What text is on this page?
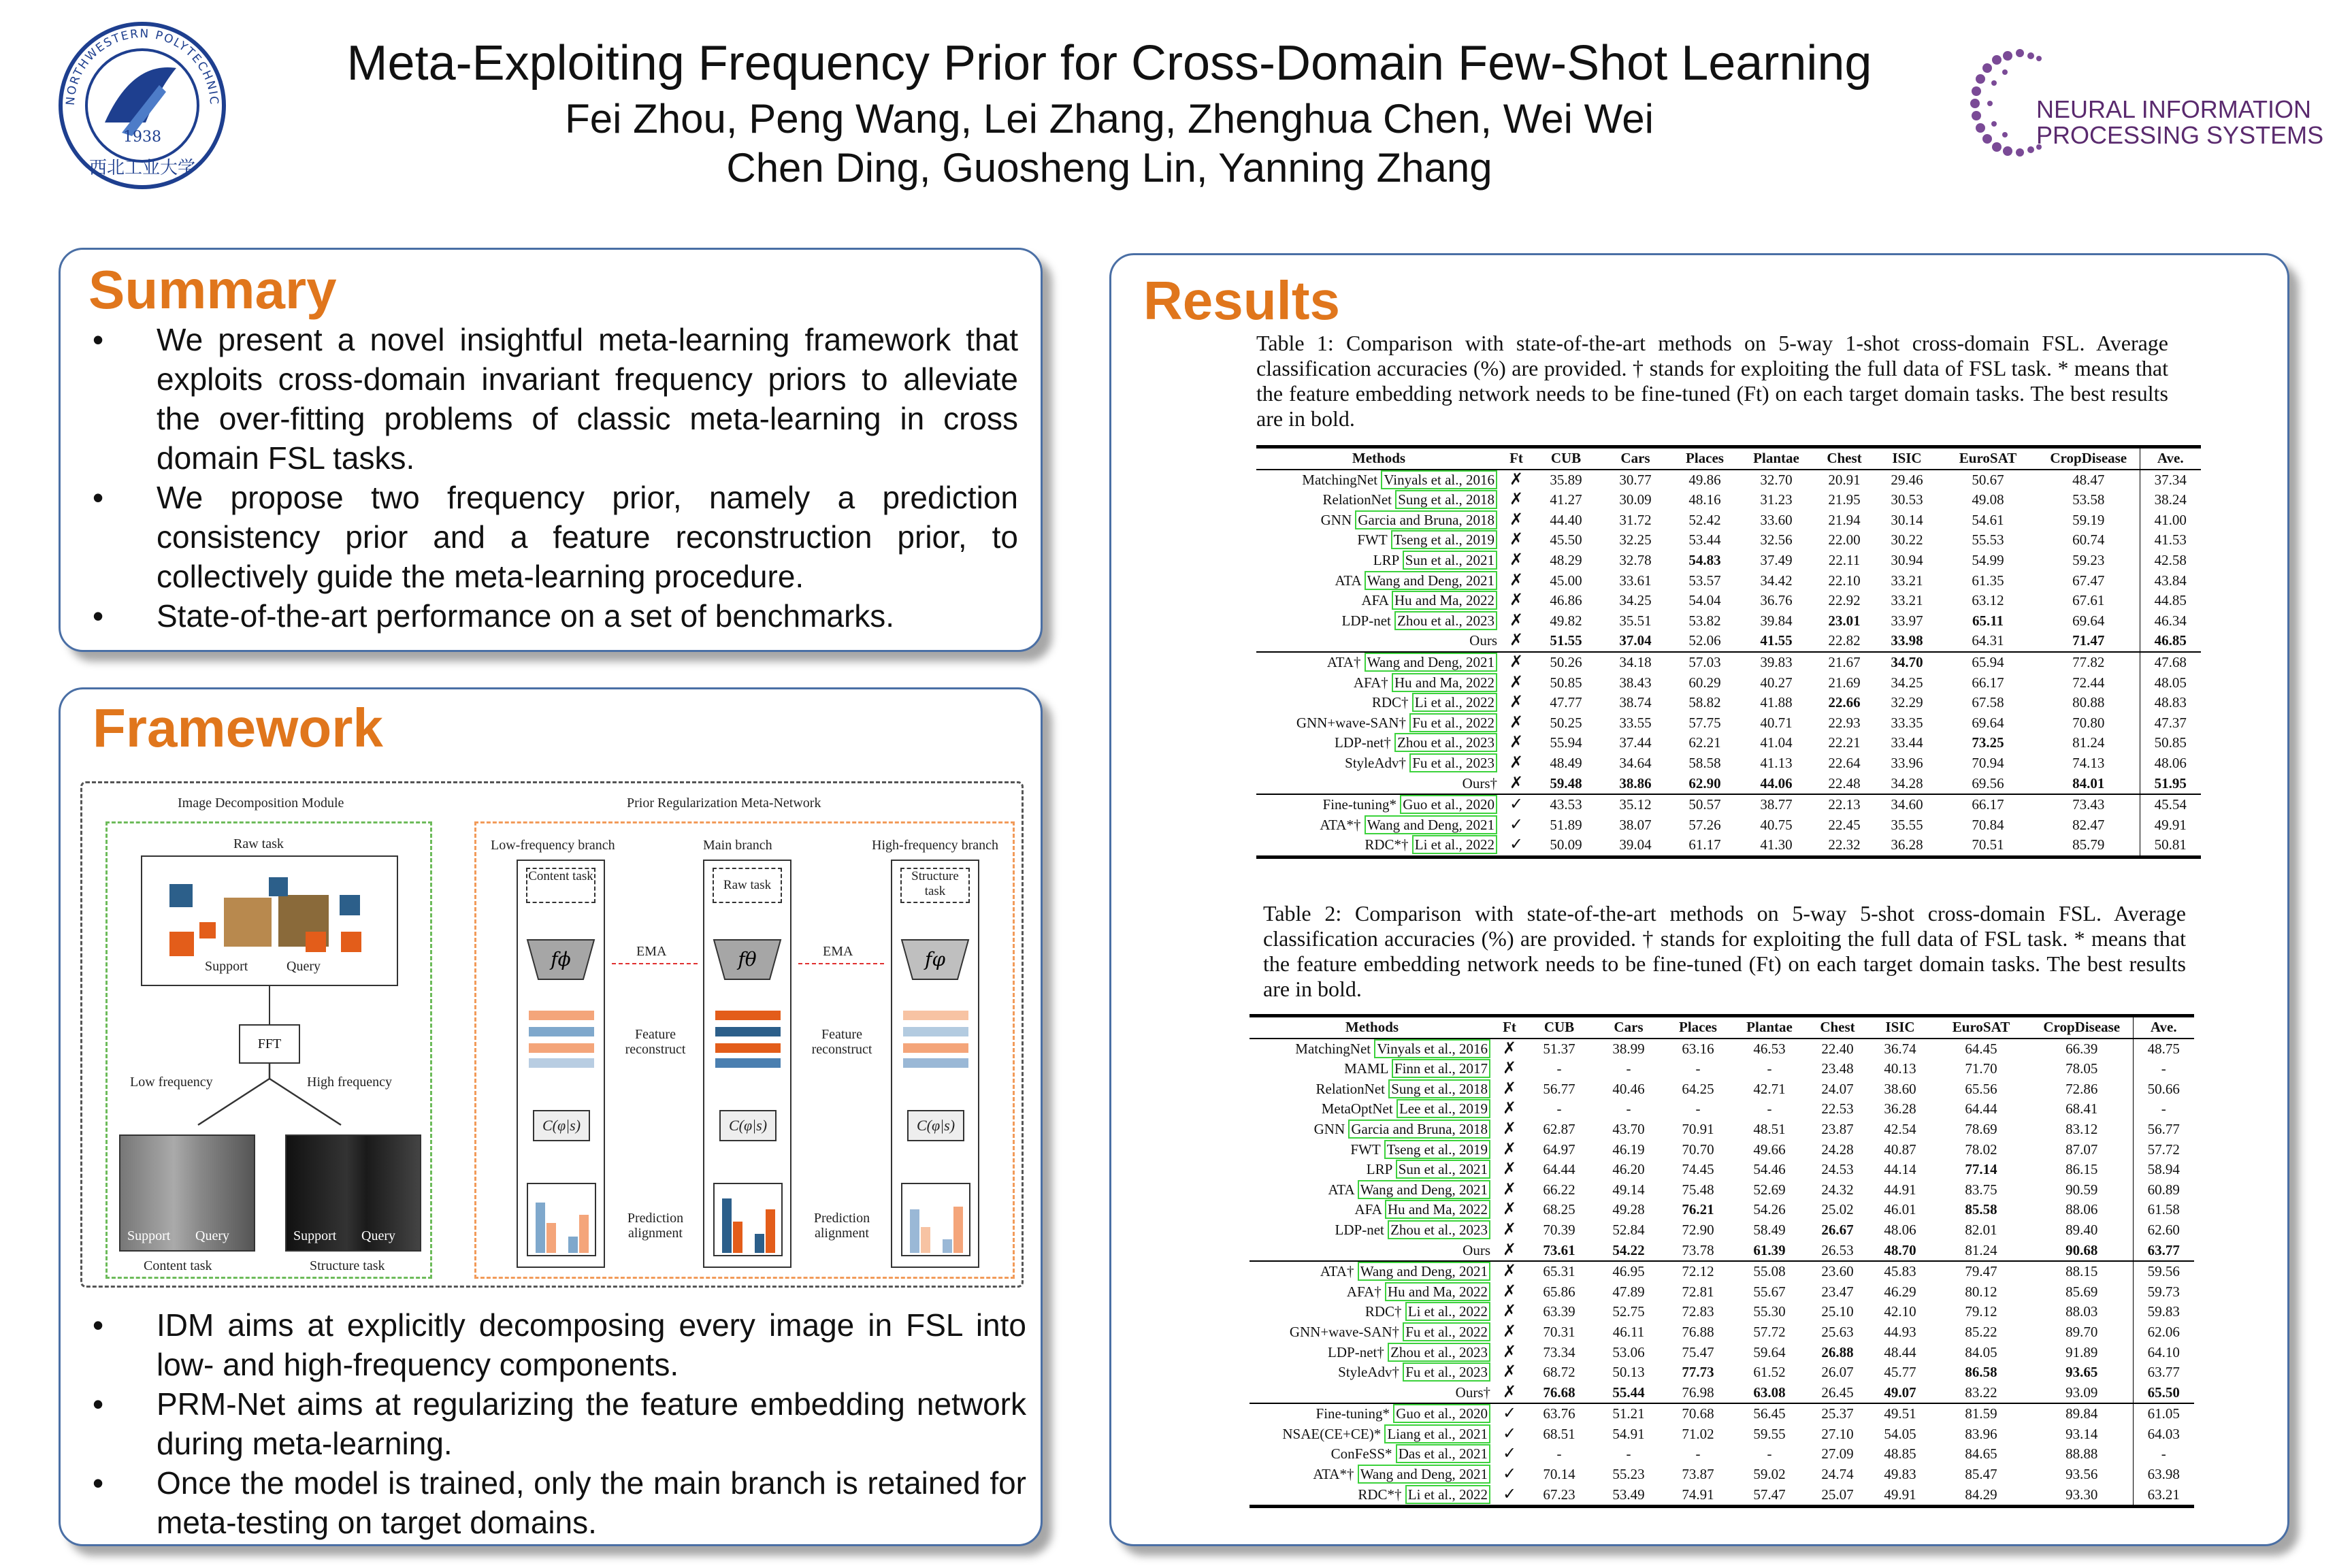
1938
NORTHWESTERN POLYTECHNIC
西北工业大学
Meta-Exploiting Frequency Prior for Cross-Domain Few-Shot Learning
Fei Zhou, Peng Wang, Lei Zhang, Zhenghua Chen, Wei Wei
Chen Ding, Guosheng Lin, Yanning Zhang
NEURAL INFORMATION
PROCESSING SYSTEMS
Summary
• We present a novel insightful meta-learning framework that exploits cross-domain invariant frequency priors to alleviate the over-fitting problems of classic meta-learning in cross domain FSL tasks.
• We propose two frequency prior, namely a prediction consistency prior and a feature reconstruction prior, to collectively guide the meta-learning procedure.
• State-of-the-art performance on a set of benchmarks.
Framework
Image Decomposition Module	Prior Regularization Meta-Network
Raw task
Support	Query
FFT
Low frequency	High frequency
Support Query	Support Query
Content task	Structure task
Low-frequency branch	Main branch	High-frequency branch
Content task
Raw task
Structure task
fϕ	fθ	fφ
EMA	EMA
Feature reconstruct
Feature reconstruct
C(φ|s)	C(φ|s)	C(φ|s)
Prediction alignment
Prediction alignment
• IDM aims at explicitly decomposing every image in FSL into low- and high-frequency components.
• PRM-Net aims at regularizing the feature embedding network during meta-learning.
• Once the model is trained, only the main branch is retained for meta-testing on target domains.
Results
Table 1: Comparison with state-of-the-art methods on 5-way 1-shot cross-domain FSL. Average classification accuracies (%) are provided. † stands for exploiting the full data of FSL task. * means that the feature embedding network needs to be fine-tuned (Ft) on each target domain tasks. The best results are in bold.
Methods	Ft	CUB	Cars	Places	Plantae	Chest	ISIC	EuroSAT	CropDisease	Ave.
MatchingNet Vinyals et al., 2016	✗	35.89	30.77	49.86	32.70	20.91	29.46	50.67	48.47	37.34
RelationNet Sung et al., 2018	✗	41.27	30.09	48.16	31.23	21.95	30.53	49.08	53.58	38.24
GNN Garcia and Bruna, 2018	✗	44.40	31.72	52.42	33.60	21.94	30.14	54.61	59.19	41.00
FWT Tseng et al., 2019	✗	45.50	32.25	53.44	32.56	22.00	30.22	55.53	60.74	41.53
LRP Sun et al., 2021	✗	48.29	32.78	54.83	37.49	22.11	30.94	54.99	59.23	42.58
ATA Wang and Deng, 2021	✗	45.00	33.61	53.57	34.42	22.10	33.21	61.35	67.47	43.84
AFA Hu and Ma, 2022	✗	46.86	34.25	54.04	36.76	22.92	33.21	63.12	67.61	44.85
LDP-net Zhou et al., 2023	✗	49.82	35.51	53.82	39.84	23.01	33.97	65.11	69.64	46.34
Ours	✗	51.55	37.04	52.06	41.55	22.82	33.98	64.31	71.47	46.85
ATA† Wang and Deng, 2021	✗	50.26	34.18	57.03	39.83	21.67	34.70	65.94	77.82	47.68
AFA† Hu and Ma, 2022	✗	50.85	38.43	60.29	40.27	21.69	34.25	66.17	72.44	48.05
RDC† Li et al., 2022	✗	47.77	38.74	58.82	41.88	22.66	32.29	67.58	80.88	48.83
GNN+wave-SAN† Fu et al., 2022	✗	50.25	33.55	57.75	40.71	22.93	33.35	69.64	70.80	47.37
LDP-net† Zhou et al., 2023	✗	55.94	37.44	62.21	41.04	22.21	33.44	73.25	81.24	50.85
StyleAdv† Fu et al., 2023	✗	48.49	34.64	58.58	41.13	22.64	33.96	70.94	74.13	48.06
Ours†	✗	59.48	38.86	62.90	44.06	22.48	34.28	69.56	84.01	51.95
Fine-tuning* Guo et al., 2020	✓	43.53	35.12	50.57	38.77	22.13	34.60	66.17	73.43	45.54
ATA*† Wang and Deng, 2021	✓	51.89	38.07	57.26	40.75	22.45	35.55	70.84	82.47	49.91
RDC*† Li et al., 2022	✓	50.09	39.04	61.17	41.30	22.32	36.28	70.51	85.79	50.81
Table 2: Comparison with state-of-the-art methods on 5-way 5-shot cross-domain FSL. Average classification accuracies (%) are provided. † stands for exploiting the full data of FSL task. * means that the feature embedding network needs to be fine-tuned (Ft) on each target domain tasks. The best results are in bold.
Methods	Ft	CUB	Cars	Places	Plantae	Chest	ISIC	EuroSAT	CropDisease	Ave.
MatchingNet Vinyals et al., 2016	✗	51.37	38.99	63.16	46.53	22.40	36.74	64.45	66.39	48.75
MAML Finn et al., 2017	✗	-	-	-	-	23.48	40.13	71.70	78.05	-
RelationNet Sung et al., 2018	✗	56.77	40.46	64.25	42.71	24.07	38.60	65.56	72.86	50.66
MetaOptNet Lee et al., 2019	✗	-	-	-	-	22.53	36.28	64.44	68.41	-
GNN Garcia and Bruna, 2018	✗	62.87	43.70	70.91	48.51	23.87	42.54	78.69	83.12	56.77
FWT Tseng et al., 2019	✗	64.97	46.19	70.70	49.66	24.28	40.87	78.02	87.07	57.72
LRP Sun et al., 2021	✗	64.44	46.20	74.45	54.46	24.53	44.14	77.14	86.15	58.94
ATA Wang and Deng, 2021	✗	66.22	49.14	75.48	52.69	24.32	44.91	83.75	90.59	60.89
AFA Hu and Ma, 2022	✗	68.25	49.28	76.21	54.26	25.02	46.01	85.58	88.06	61.58
LDP-net Zhou et al., 2023	✗	70.39	52.84	72.90	58.49	26.67	48.06	82.01	89.40	62.60
Ours	✗	73.61	54.22	73.78	61.39	26.53	48.70	81.24	90.68	63.77
ATA† Wang and Deng, 2021	✗	65.31	46.95	72.12	55.08	23.60	45.83	79.47	88.15	59.56
AFA† Hu and Ma, 2022	✗	65.86	47.89	72.81	55.67	23.47	46.29	80.12	85.69	59.73
RDC† Li et al., 2022	✗	63.39	52.75	72.83	55.30	25.10	42.10	79.12	88.03	59.83
GNN+wave-SAN† Fu et al., 2022	✗	70.31	46.11	76.88	57.72	25.63	44.93	85.22	89.70	62.06
LDP-net† Zhou et al., 2023	✗	73.34	53.06	75.47	59.64	26.88	48.44	84.05	91.89	64.10
StyleAdv† Fu et al., 2023	✗	68.72	50.13	77.73	61.52	26.07	45.77	86.58	93.65	63.77
Ours†	✗	76.68	55.44	76.98	63.08	26.45	49.07	83.22	93.09	65.50
Fine-tuning* Guo et al., 2020	✓	63.76	51.21	70.68	56.45	25.37	49.51	81.59	89.84	61.05
NSAE(CE+CE)* Liang et al., 2021	✓	68.51	54.91	71.02	59.55	27.10	54.05	83.96	93.14	64.03
ConFeSS* Das et al., 2021	✓	-	-	-	-	27.09	48.85	84.65	88.88	-
ATA*† Wang and Deng, 2021	✓	70.14	55.23	73.87	59.02	24.74	49.83	85.47	93.56	63.98
RDC*† Li et al., 2022	✓	67.23	53.49	74.91	57.47	25.07	49.91	84.29	93.30	63.21
